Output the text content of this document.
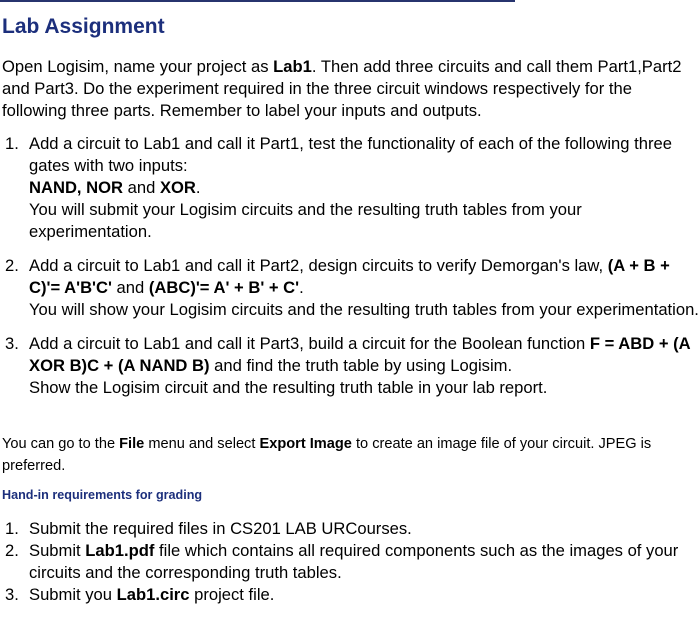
Lab Assignment

Open Logisim, name your project as Lab1. Then add three circuits and call them Part1,Part2 and Part3. Do the experiment required in the three circuit windows respectively for the following three parts. Remember to label your inputs and outputs.

1. Add a circuit to Lab1 and call it Part1, test the functionality of each of the following three gates with two inputs:
NAND, NOR and XOR.
You will submit your Logisim circuits and the resulting truth tables from your experimentation.
2. Add a circuit to Lab1 and call it Part2, design circuits to verify Demorgan's law, (A + B + C)'= A'B'C' and (ABC)'= A' + B' + C'.
You will show your Logisim circuits and the resulting truth tables from your experimentation.
3. Add a circuit to Lab1 and call it Part3, build a circuit for the Boolean function F = ABD + (A XOR B)C + (A NAND B) and find the truth table by using Logisim.
Show the Logisim circuit and the resulting truth table in your lab report.

You can go to the File menu and select Export Image to create an image file of your circuit. JPEG is preferred.

Hand-in requirements for grading
1. Submit the required files in CS201 LAB URCourses.
2. Submit Lab1.pdf file which contains all required components such as the images of your circuits and the corresponding truth tables.
3. Submit you Lab1.circ project file.
